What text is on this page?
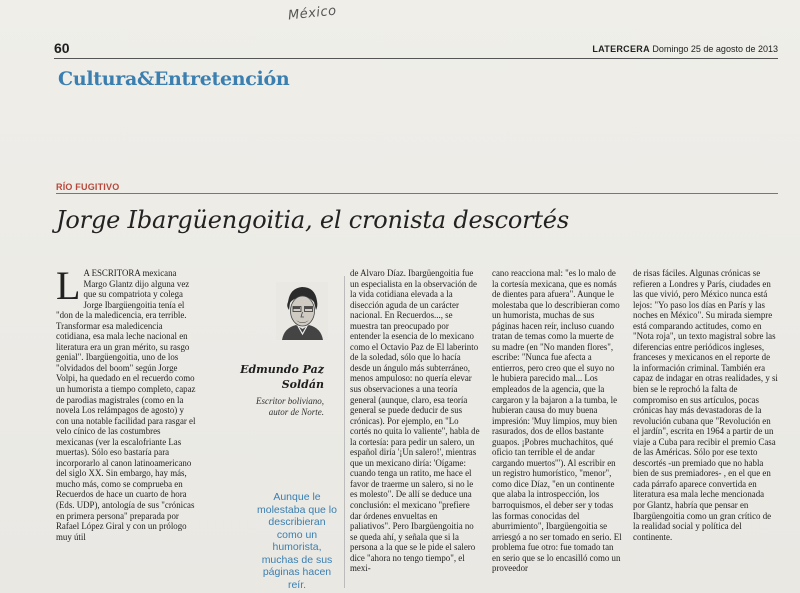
México
60	LATERCERA Domingo 25 de agosto de 2013
Cultura&Entretención
RÍO FUGITIVO
Jorge Ibargüengoitia, el cronista descortés
L A ESCRITORA mexicana Margo Glantz dijo alguna vez que su compatriota y colega Jorge Ibargüengoitia tenía el "don de la maledicencia, era terrible. Transformar esa maledicencia cotidiana, esa mala leche nacional en literatura era un gran mérito, su rasgo genial". Ibargüengoitia, uno de los "olvidados del boom" según Jorge Volpi, ha quedado en el recuerdo como un humorista a tiempo completo, capaz de parodias magistrales (como en la novela Los relámpagos de agosto) y con una notable facilidad para rasgar el velo cínico de las costumbres mexicanas (ver la escalofriante Las muertas). Sólo eso bastaría para incorporarlo al canon latinoamericano del siglo XX. Sin embargo, hay más, mucho más, como se comprueba en Recuerdos de hace un cuarto de hora (Eds. UDP), antología de sus "crónicas en primera persona" preparada por Rafael López Giral y con un prólogo muy útil

Edmundo Paz
Soldán
Escritor boliviano,
autor de Norte.
Aunque le molestaba que lo describieran como un humorista, muchas de sus páginas hacen reír.

de Alvaro Díaz. Ibargüengoitia fue un especialista en la observación de la vida cotidiana elevada a la disección aguda de un carácter nacional. En Recuerdos..., se muestra tan preocupado por entender la esencia de lo mexicano como el Octavio Paz de El laberinto de la soledad, sólo que lo hacía desde un ángulo más subterráneo, menos ampuloso: no quería elevar sus observaciones a una teoría general (aunque, claro, esa teoría general se puede deducir de sus crónicas). Por ejemplo, en "Lo cortés no quita lo valiente", habla de la cortesía: para pedir un salero, un español diría '¡Un salero!', mientras que un mexicano diría: 'Oígame: cuando tenga un ratito, me hace el favor de traerme un salero, si no le es molesto". De allí se deduce una conclusión: el mexicano "prefiere dar órdenes envueltas en paliativos". Pero Ibargüengoitia no se queda ahí, y señala que si la persona a la que se le pide el salero dice "ahora no tengo tiempo", el mexi-

cano reacciona mal: "es lo malo de la cortesía mexicana, que es nomás de dientes para afuera". Aunque le molestaba que lo describieran como un humorista, muchas de sus páginas hacen reír, incluso cuando tratan de temas como la muerte de su madre (en "No manden flores", escribe: "Nunca fue afecta a entierros, pero creo que el suyo no le hubiera parecido mal... Los empleados de la agencia, que la cargaron y la bajaron a la tumba, le hubieran causa do muy buena impresión: 'Muy limpios, muy bien rasurados, dos de ellos bastante guapos. ¡Pobres muchachitos, qué oficio tan terrible el de andar cargando muertos'"). Al escribir en un registro humorístico, "menor", como dice Díaz, "en un continente que alaba la introspección, los barroquismos, el deber ser y todas las formas conocidas del aburrimiento", Ibargüengoitia se arriesgó a no ser tomado en serio. El problema fue otro: fue tomado tan en serio que se lo encasilló como un proveedor

de risas fáciles. Algunas crónicas se refieren a Londres y París, ciudades en las que vivió, pero México nunca está lejos: "Yo paso los días en París y las noches en México". Su mirada siempre está comparando actitudes, como en "Nota roja", un texto magistral sobre las diferencias entre periódicos ingleses, franceses y mexicanos en el reporte de la información criminal. También era capaz de indagar en otras realidades, y si bien se le reprochó la falta de compromiso en sus artículos, pocas crónicas hay más devastadoras de la revolución cubana que "Revolución en el jardín", escrita en 1964 a partir de un viaje a Cuba para recibir el premio Casa de las Américas. Sólo por ese texto descortés -un premiado que no habla bien de sus premiadores- , en el que en cada párrafo aparece convertida en literatura esa mala leche mencionada por Glantz, habría que pensar en Ibargüengoitia como un gran crítico de la realidad social y política del continente.
